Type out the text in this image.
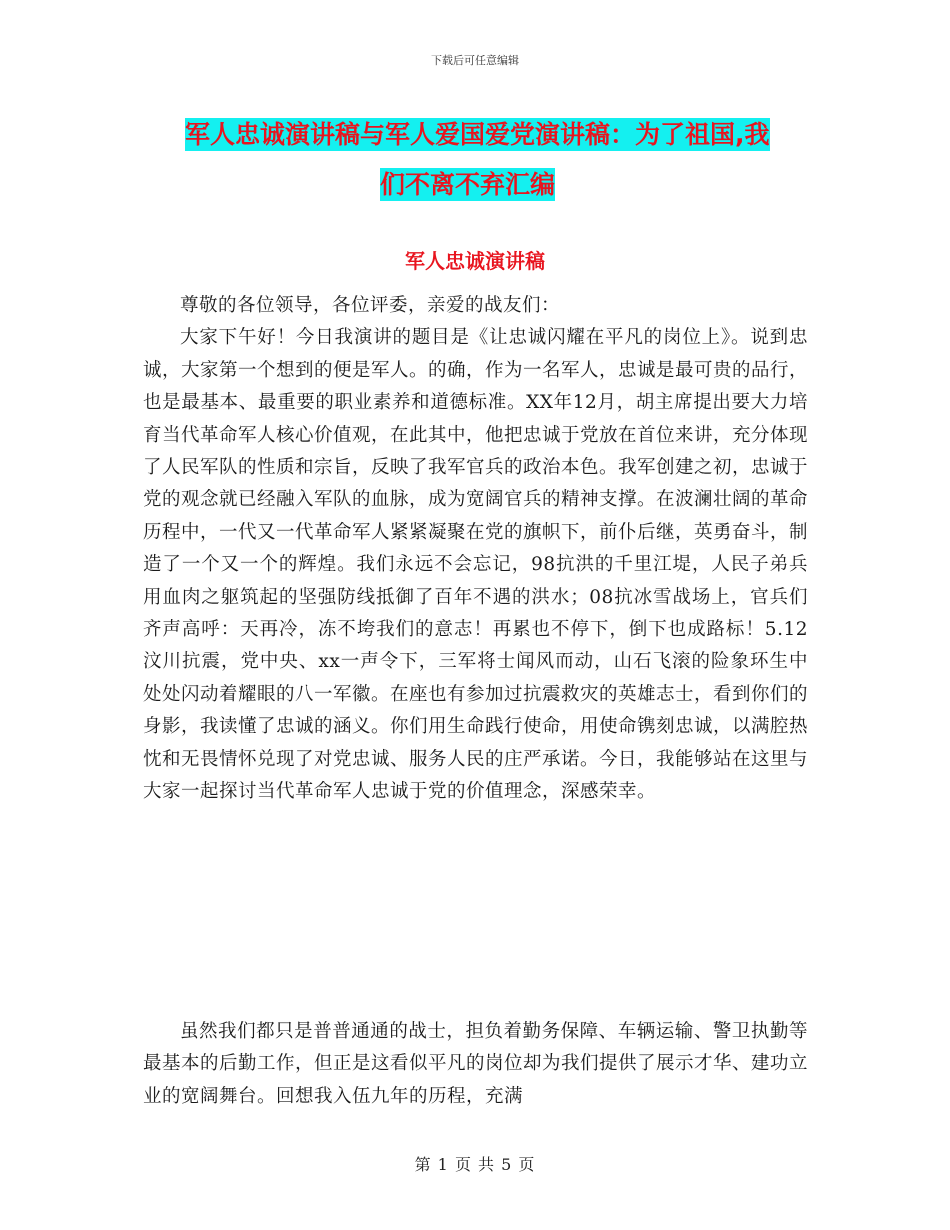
下载后可任意编辑
军人忠诚演讲稿与军人爱国爱党演讲稿：为了祖国,我
们不离不弃汇编
军人忠诚演讲稿

尊敬的各位领导，各位评委，亲爱的战友们：

大家下午好！今日我演讲的题目是《让忠诚闪耀在平凡的岗位上》。说到忠诚，大家第一个想到的便是军人。的确，作为一名军人，忠诚是最可贵的品行，也是最基本、最重要的职业素养和道德标准。XX年12月，胡主席提出要大力培育当代革命军人核心价值观，在此其中，他把忠诚于党放在首位来讲，充分体现了人民军队的性质和宗旨，反映了我军官兵的政治本色。我军创建之初，忠诚于党的观念就已经融入军队的血脉，成为宽阔官兵的精神支撑。在波澜壮阔的革命历程中，一代又一代革命军人紧紧凝聚在党的旗帜下，前仆后继，英勇奋斗，制造了一个又一个的辉煌。我们永远不会忘记，98抗洪的千里江堤，人民子弟兵用血肉之躯筑起的坚强防线抵御了百年不遇的洪水；08抗冰雪战场上，官兵们齐声高呼：天再冷，冻不垮我们的意志！再累也不停下，倒下也成路标！5.12汶川抗震，党中央、xx一声令下，三军将士闻风而动，山石飞滚的险象环生中处处闪动着耀眼的八一军徽。在座也有参加过抗震救灾的英雄志士，看到你们的身影，我读懂了忠诚的涵义。你们用生命践行使命，用使命镌刻忠诚，以满腔热忱和无畏情怀兑现了对党忠诚、服务人民的庄严承诺。今日，我能够站在这里与大家一起探讨当代革命军人忠诚于党的价值理念，深感荣幸。

虽然我们都只是普普通通的战士，担负着勤务保障、车辆运输、警卫执勤等最基本的后勤工作，但正是这看似平凡的岗位却为我们提供了展示才华、建功立业的宽阔舞台。回想我入伍九年的历程，充满

第 1 页 共 5 页
